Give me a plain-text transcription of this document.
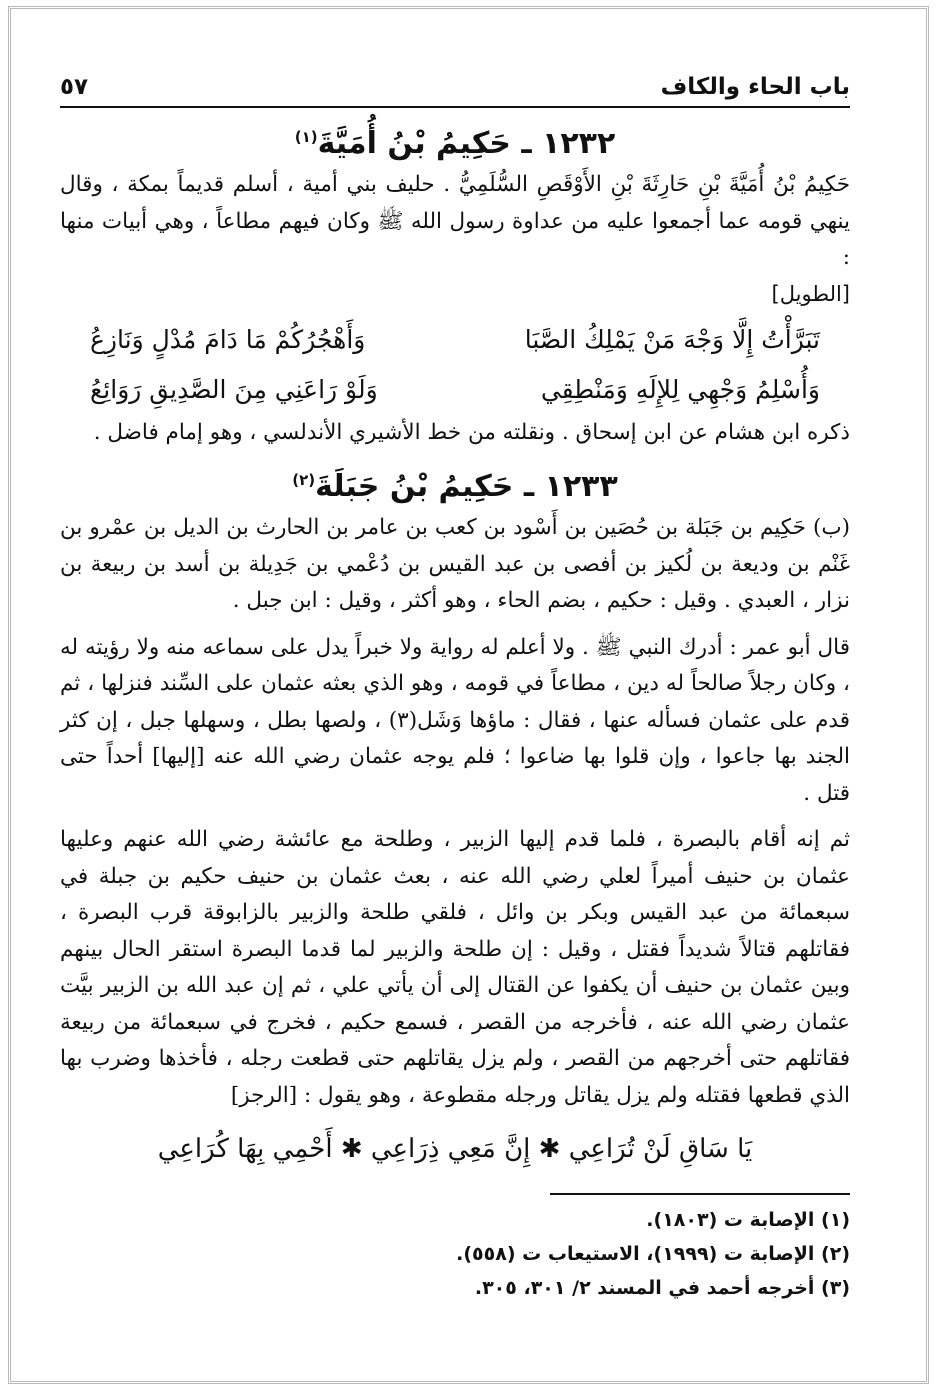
باب الحاء والكاف
٥٧
١٢٣٢ ـ حَكِيمُ بْنُ أُمَيَّةَ$^{(١)}$

حَكِيمُ بْنُ أُمَيَّةَ بْنِ حَارِثَةَ بْنِ الأَوْقَصِ السُّلَمِيُّ . حليف بني أمية ، أسلم قديماً بمكة ، وقال ينهي قومه عما أجمعوا عليه من عداوة رسول الله ﷺ وكان فيهم مطاعاً ، وهي أبيات منها :

[الطويل]
تَبَرَّأْتُ إِلَّا وَجْهَ مَنْ يَمْلِكُ الصَّبَا
وَأَهْجُرُكُمْ مَا دَامَ مُدْلٍ وَنَازِعُ
وَأُسْلِمُ وَجْهِي لِلإِلَهِ وَمَنْطِقِي
وَلَوْ رَاعَنِي مِنَ الصَّدِيقِ رَوَائِعُ

ذكره ابن هشام عن ابن إسحاق . ونقلته من خط الأشيري الأندلسي ، وهو إمام فاضل .

١٢٣٣ ـ حَكِيمُ بْنُ جَبَلَةَ$^{(٢)}$

(ب) حَكِيم بن جَبَلة بن حُصَين بن أَسْود بن كعب بن عامر بن الحارث بن الديل بن عمْرو بن غَنْم بن وديعة بن لُكيز بن أفصى بن عبد القيس بن دُعْمي بن جَدِيلة بن أسد بن ربيعة بن نزار ، العبدي . وقيل : حكيم ، بضم الحاء ، وهو أكثر ، وقيل : ابن جبل .

قال أبو عمر : أدرك النبي ﷺ . ولا أعلم له رواية ولا خبراً يدل على سماعه منه ولا رؤيته له ، وكان رجلاً صالحاً له دين ، مطاعاً في قومه ، وهو الذي بعثه عثمان على السِّند فنزلها ، ثم قدم على عثمان فسأله عنها ، فقال : ماؤها وَشَل(٣) ، ولصها بطل ، وسهلها جبل ، إن كثر الجند بها جاعوا ، وإن قلوا بها ضاعوا ؛ فلم يوجه عثمان رضي الله عنه [إليها] أحداً حتى قتل .

ثم إنه أقام بالبصرة ، فلما قدم إليها الزبير ، وطلحة مع عائشة رضي الله عنهم وعليها عثمان بن حنيف أميراً لعلي رضي الله عنه ، بعث عثمان بن حنيف حكيم بن جبلة في سبعمائة من عبد القيس وبكر بن وائل ، فلقي طلحة والزبير بالزابوقة قرب البصرة ، فقاتلهم قتالاً شديداً فقتل ، وقيل : إن طلحة والزبير لما قدما البصرة استقر الحال بينهم وبين عثمان بن حنيف أن يكفوا عن القتال إلى أن يأتي علي ، ثم إن عبد الله بن الزبير بيَّت عثمان رضي الله عنه ، فأخرجه من القصر ، فسمع حكيم ، فخرج في سبعمائة من ربيعة فقاتلهم حتى أخرجهم من القصر ، ولم يزل يقاتلهم حتى قطعت رجله ، فأخذها وضرب بها الذي قطعها فقتله ولم يزل يقاتل ورجله مقطوعة ، وهو يقول : [الرجز]

يَا سَاقِ لَنْ تُرَاعِي ✱ إِنَّ مَعِي ذِرَاعِي ✱ أَحْمِي بِهَا كُرَاعِي
(١) الإصابة ت (١٨٠٣).
(٢) الإصابة ت (١٩٩٩)، الاستيعاب ت (٥٥٨).
(٣) أخرجه أحمد في المسند ٢/ ٣٠١، ٣٠٥.
